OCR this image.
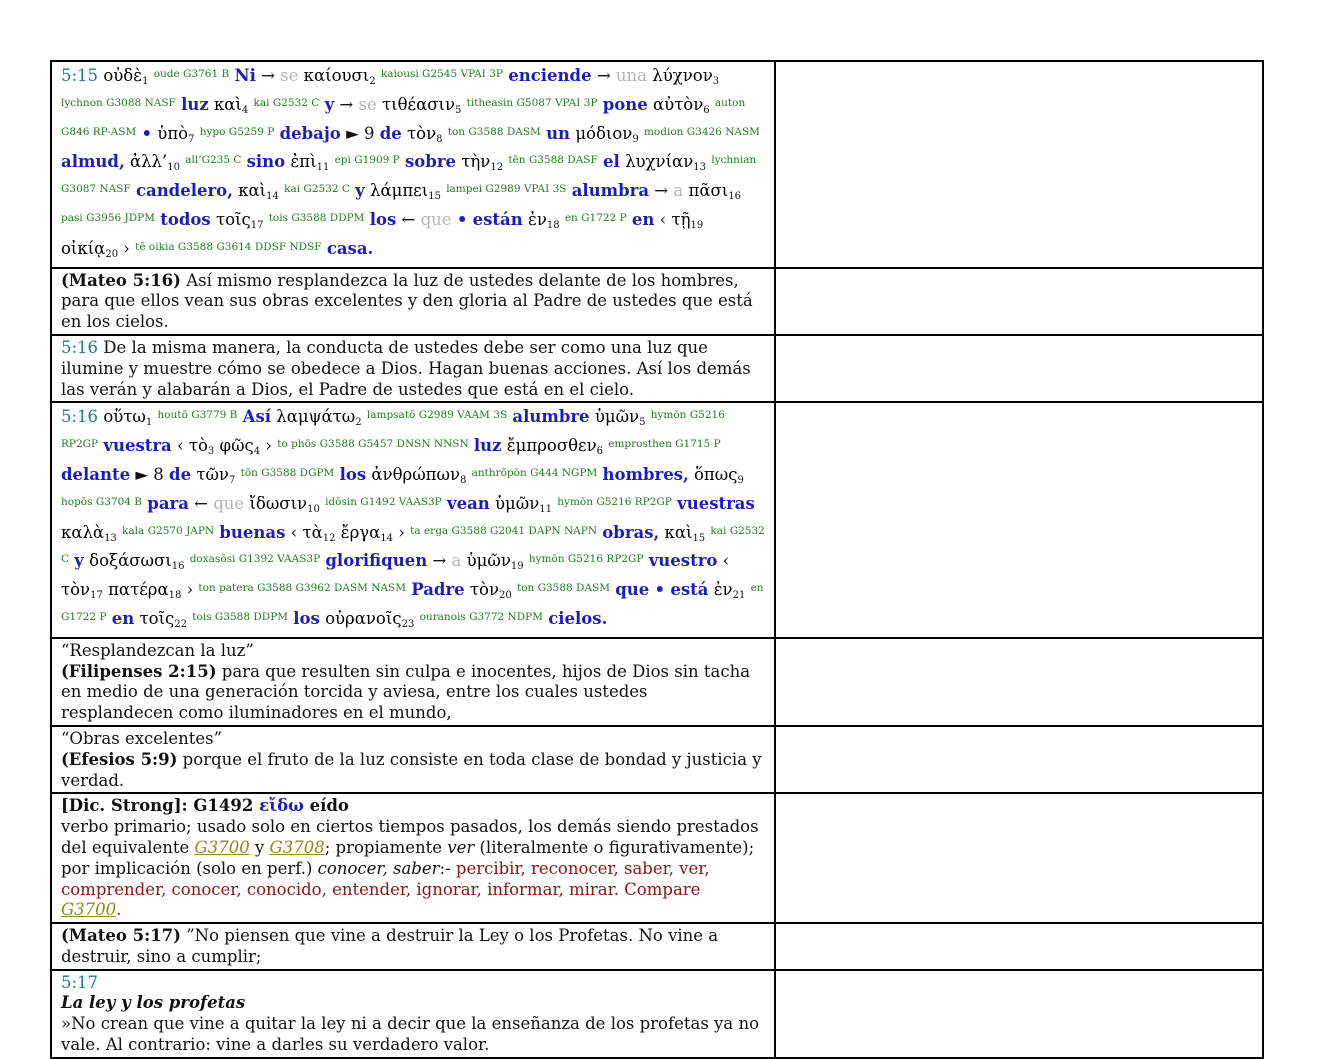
5:15 οὐδὲ$_1$ $^{oude G3761 B}$ Ni → se καίουσι$_2$ $^{kaiousi G2545 VPAI 3P}$ enciende → una λύχνον$_3$ $^{lychnon G3088 NASF}$ luz καὶ$_4$ $^{kai G2532 C}$ y → se τιθέασιν$_5$ $^{titheasin G5087 VPAI 3P}$ pone αὐτὸν$_6$ $^{auton G846 RP-ASM}$ • ὑπὸ$_7$ $^{hypo G5259 P}$ debajo ► 9 de τὸν$_8$ $^{ton G3588 DASM}$ un μόδιον$_9$ $^{modion G3426 NASM}$ almud, $ἀ\lambda\lambda’_{10}$ $^{all’G235 C}$ sino ἐπὶ$_{11}$ $^{epi G1909 P}$ sobre τὴν$_{12}$ $^{tēn G3588 DASF}$ el λυχνίαν$_{13}$ $^{lychnian G3087 NASF}$ candelero, καὶ$_{14}$ $^{kai G2532 C}$ y λάμπει$_{15}$ $^{lampei G2989 VPAI 3S}$ alumbra → a πᾶσι$_{16}$ $^{pasi G3956 JDPM}$ todos τοῖς$_{17}$ $^{tois G3588 DDPM}$ los ← que • están ἐν$_{18}$ $^{en G1722 P}$ en ‹ τῇ$_{19}$ οἰκίᾳ$_{20}$ › $^{tē oikia G3588 G3614 DDSF NDSF}$ casa.	

(Mateo 5:16) Así mismo resplandezca la luz de ustedes delante de los hombres, para que ellos vean sus obras excelentes y den gloria al Padre de ustedes que está en los cielos.	

5:16 De la misma manera, la conducta de ustedes debe ser como una luz que ilumine y muestre cómo se obedece a Dios. Hagan buenas acciones. Así los demás las verán y alabarán a Dios, el Padre de ustedes que está en el cielo.	

5:16 οὕτω$_1$ $^{houtō G3779 B}$ Así λαμψάτω$_2$ $^{lampsatō G2989 VAAM 3S}$ alumbre ὑμῶν$_5$ $^{hymōn G5216 RP2GP}$ vuestra ‹ τὸ$_3$ φῶς$_4$ › $^{to phōs G3588 G5457 DNSN NNSN}$ luz ἔμπροσθεν$_6$ $^{emprosthen G1715 P}$ delante ► 8 de τῶν$_7$ $^{tōn G3588 DGPM}$ los ἀνθρώπων$_8$ $^{anthrōpōn G444 NGPM}$ hombres, ὅπως$_9$ $^{hopōs G3704 B}$ para ← que ἴδωσιν$_{10}$ $^{idōsin G1492 VAAS3P}$ vean ὑμῶν$_{11}$ $^{hymōn G5216 RP2GP}$ vuestras καλὰ$_{13}$ $^{kala G2570 JAPN}$ buenas ‹ τὰ$_{12}$ ἔργα$_{14}$ › $^{ta erga G3588 G2041 DAPN NAPN}$ obras, καὶ$_{15}$ $^{kai G2532 C}$ y δοξάσωσι$_{16}$ $^{doxasōsi G1392 VAAS3P}$ glorifiquen → a ὑμῶν$_{19}$ $^{hymōn G5216 RP2GP}$ vuestro ‹ τὸν$_{17}$ πατέρα$_{18}$ › $^{ton patera G3588 G3962 DASM NASM}$ Padre τὸν$_{20}$ $^{ton G3588 DASM}$ que • está ἐν$_{21}$ $^{en G1722 P}$ en τοῖς$_{22}$ $^{tois G3588 DDPM}$ los οὐρανοῖς$_{23}$ $^{ouranois G3772 NDPM}$ cielos.	

“Resplandezcan la luz”
(Filipenses 2:15) para que resulten sin culpa e inocentes, hijos de Dios sin tacha en medio de una generación torcida y aviesa, entre los cuales ustedes resplandecen como iluminadores en el mundo,	

“Obras excelentes”
(Efesios 5:9) porque el fruto de la luz consiste en toda clase de bondad y justicia y verdad.	

[Dic. Strong]: G1492 εἴδω eído
verbo primario; usado solo en ciertos tiempos pasados, los demás siendo prestados del equivalente G3700 y G3708; propiamente ver (literalmente o figurativamente); por implicación (solo en perf.) conocer, saber:- percibir, reconocer, saber, ver, comprender, conocer, conocido, entender, ignorar, informar, mirar. Compare G3700.	

(Mateo 5:17) ”No piensen que vine a destruir la Ley o los Profetas. No vine a destruir, sino a cumplir;	

5:17
La ley y los profetas
»No crean que vine a quitar la ley ni a decir que la enseñanza de los profetas ya no vale. Al contrario: vine a darles su verdadero valor.	
